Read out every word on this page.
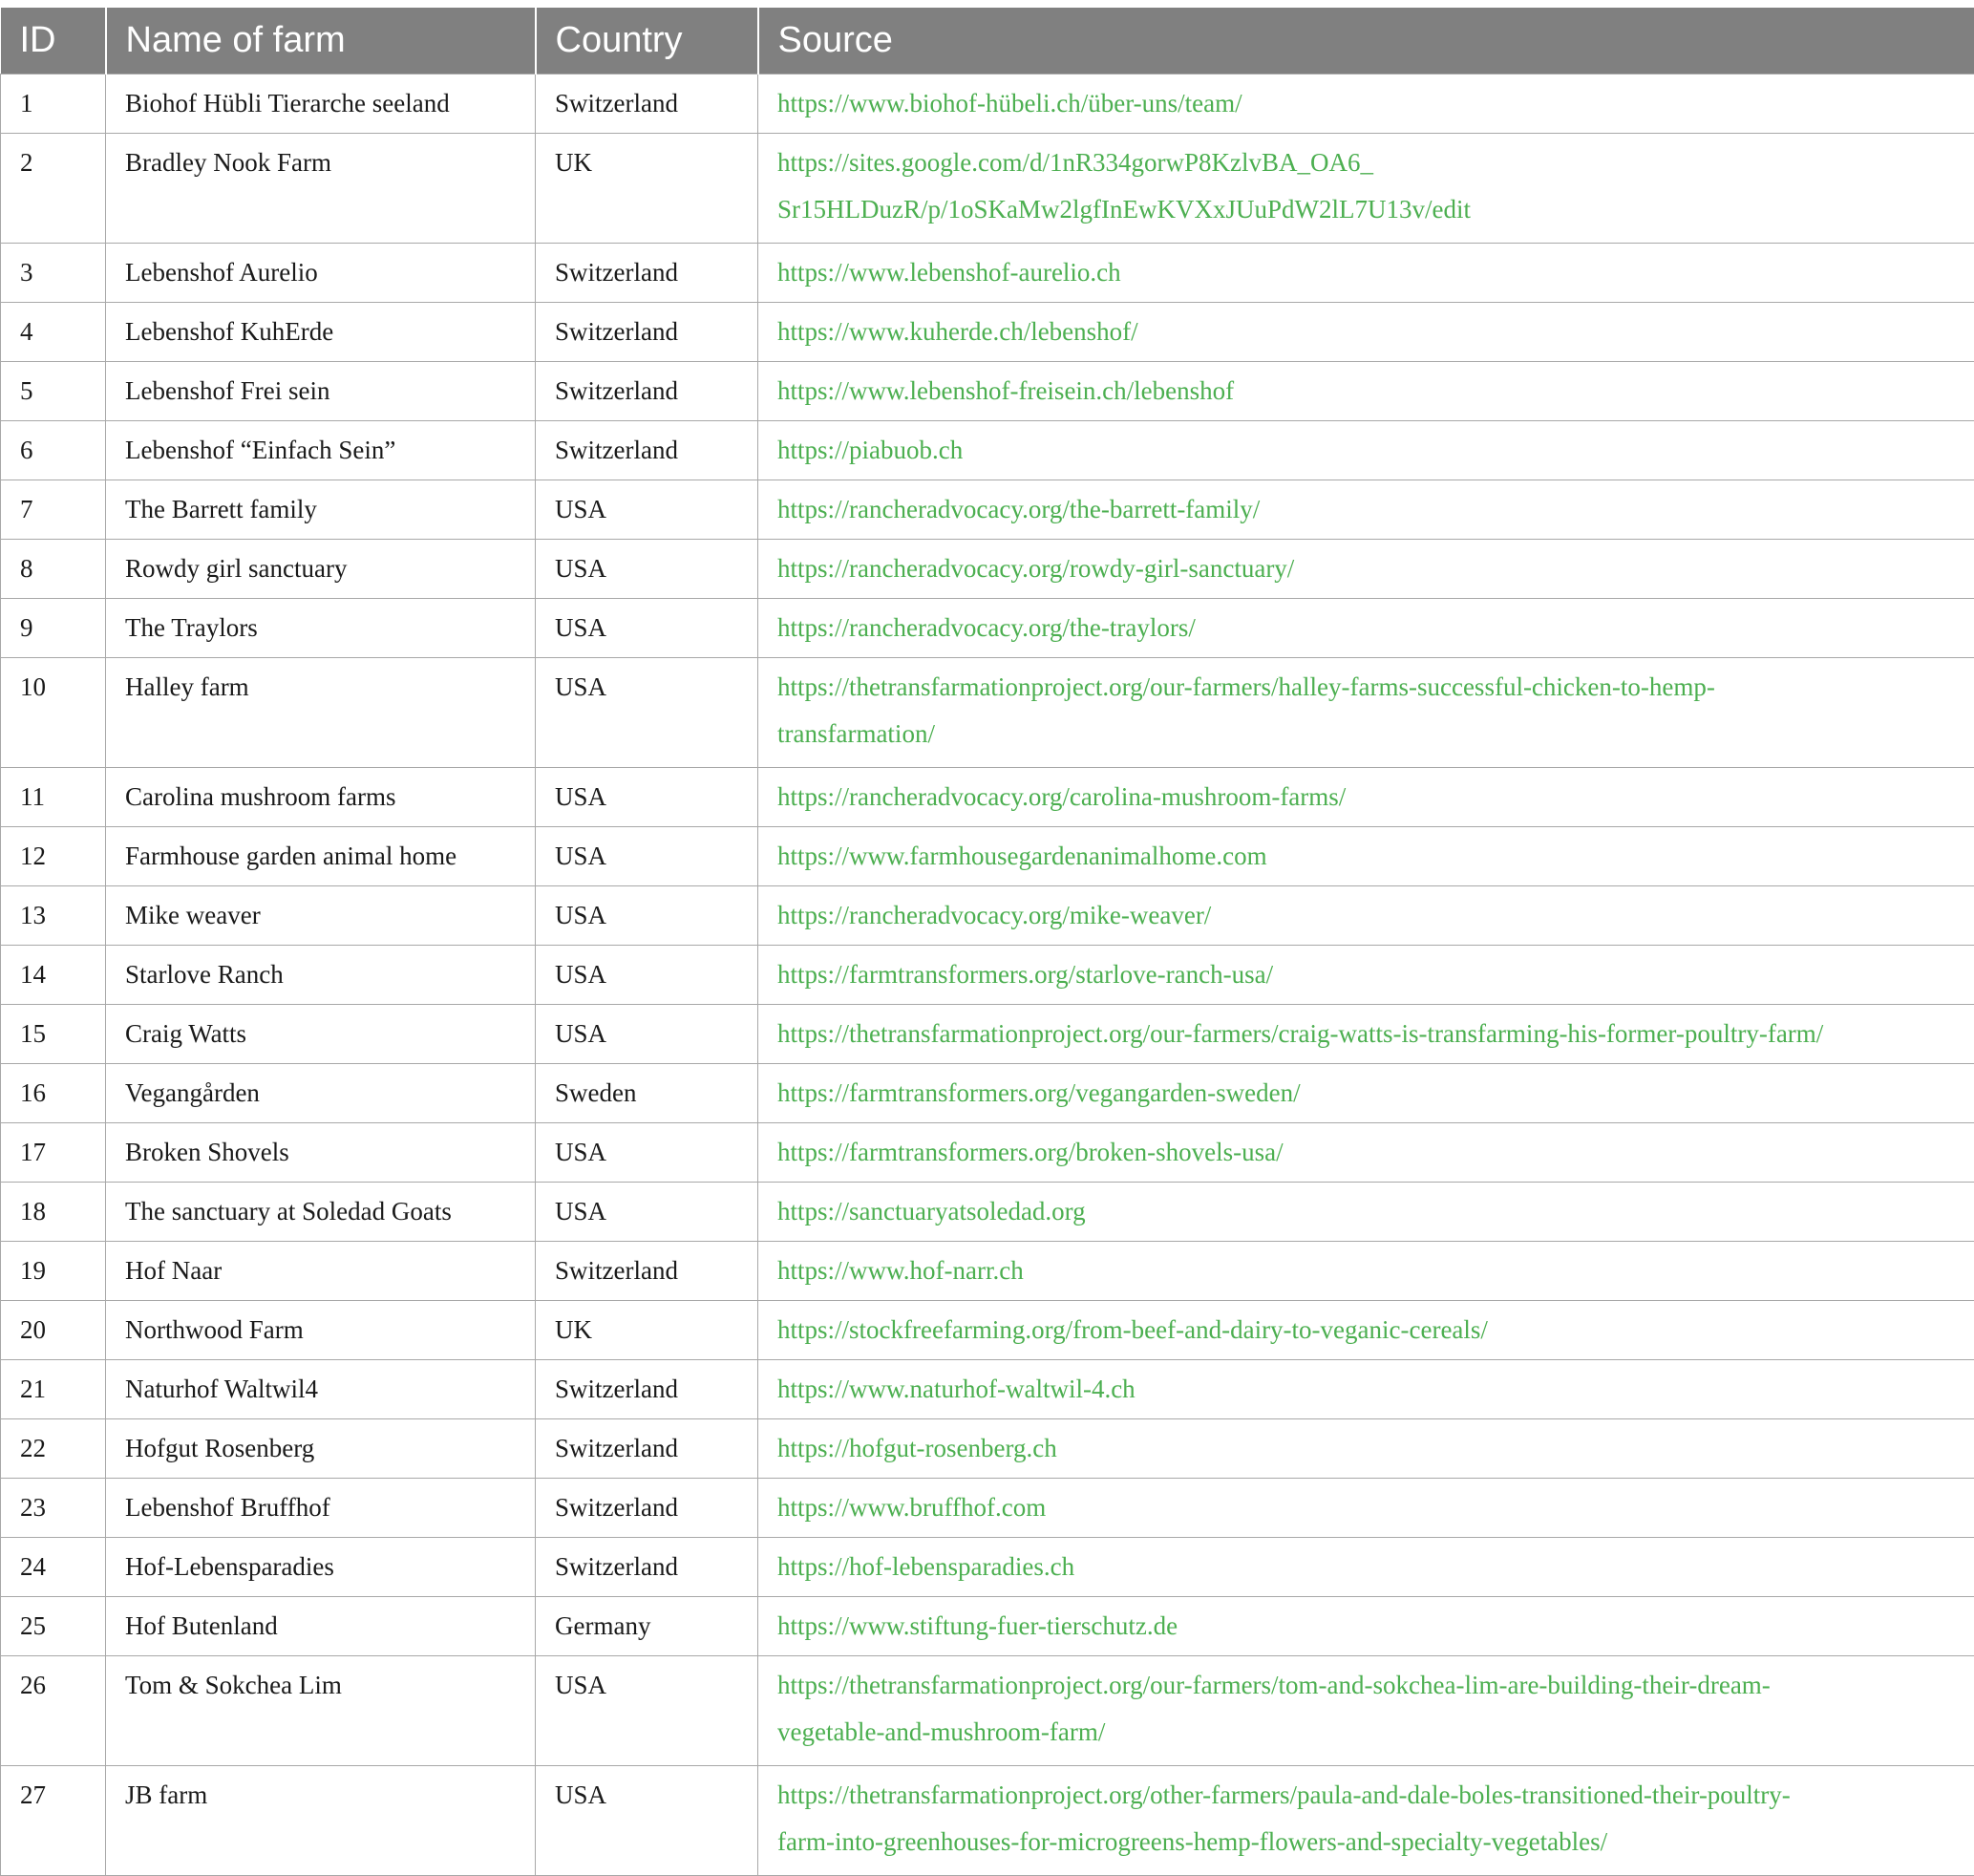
ID	Name of farm	Country	Source
1	Biohof Hübli Tierarche seeland	Switzerland	https://www.biohof-hübeli.ch/über-uns/team/

2	Bradley Nook Farm	UK	https://sites.google.com/d/1nR334gorwP8KzlvBA_OA6_
Sr15HLDuzR/p/1oSKaMw2lgfInEwKVXxJUuPdW2lL7U13v/edit

3	Lebenshof Aurelio	Switzerland	https://www.lebenshof-aurelio.ch

4	Lebenshof KuhErde	Switzerland	https://www.kuherde.ch/lebenshof/

5	Lebenshof Frei sein	Switzerland	https://www.lebenshof-freisein.ch/lebenshof

6	Lebenshof “Einfach Sein”	Switzerland	https://piabuob.ch

7	The Barrett family	USA	https://rancheradvocacy.org/the-barrett-family/

8	Rowdy girl sanctuary	USA	https://rancheradvocacy.org/rowdy-girl-sanctuary/

9	The Traylors	USA	https://rancheradvocacy.org/the-traylors/

10	Halley farm	USA	https://thetransfarmationproject.org/our-farmers/halley-farms-successful-chicken-to-hemp-
transfarmation/

11	Carolina mushroom farms	USA	https://rancheradvocacy.org/carolina-mushroom-farms/

12	Farmhouse garden animal home	USA	https://www.farmhousegardenanimalhome.com

13	Mike weaver	USA	https://rancheradvocacy.org/mike-weaver/

14	Starlove Ranch	USA	https://farmtransformers.org/starlove-ranch-usa/

15	Craig Watts	USA	https://thetransfarmationproject.org/our-farmers/craig-watts-is-transfarming-his-former-poultry-farm/

16	Vegangården	Sweden	https://farmtransformers.org/vegangarden-sweden/

17	Broken Shovels	USA	https://farmtransformers.org/broken-shovels-usa/

18	The sanctuary at Soledad Goats	USA	https://sanctuaryatsoledad.org

19	Hof Naar	Switzerland	https://www.hof-narr.ch

20	Northwood Farm	UK	https://stockfreefarming.org/from-beef-and-dairy-to-veganic-cereals/

21	Naturhof Waltwil4	Switzerland	https://www.naturhof-waltwil-4.ch

22	Hofgut Rosenberg	Switzerland	https://hofgut-rosenberg.ch

23	Lebenshof Bruffhof	Switzerland	https://www.bruffhof.com

24	Hof-Lebensparadies	Switzerland	https://hof-lebensparadies.ch

25	Hof Butenland	Germany	https://www.stiftung-fuer-tierschutz.de

26	Tom & Sokchea Lim	USA	https://thetransfarmationproject.org/our-farmers/tom-and-sokchea-lim-are-building-their-dream-
vegetable-and-mushroom-farm/

27	JB farm	USA	https://thetransfarmationproject.org/other-farmers/paula-and-dale-boles-transitioned-their-poultry-
farm-into-greenhouses-for-microgreens-hemp-flowers-and-specialty-vegetables/
